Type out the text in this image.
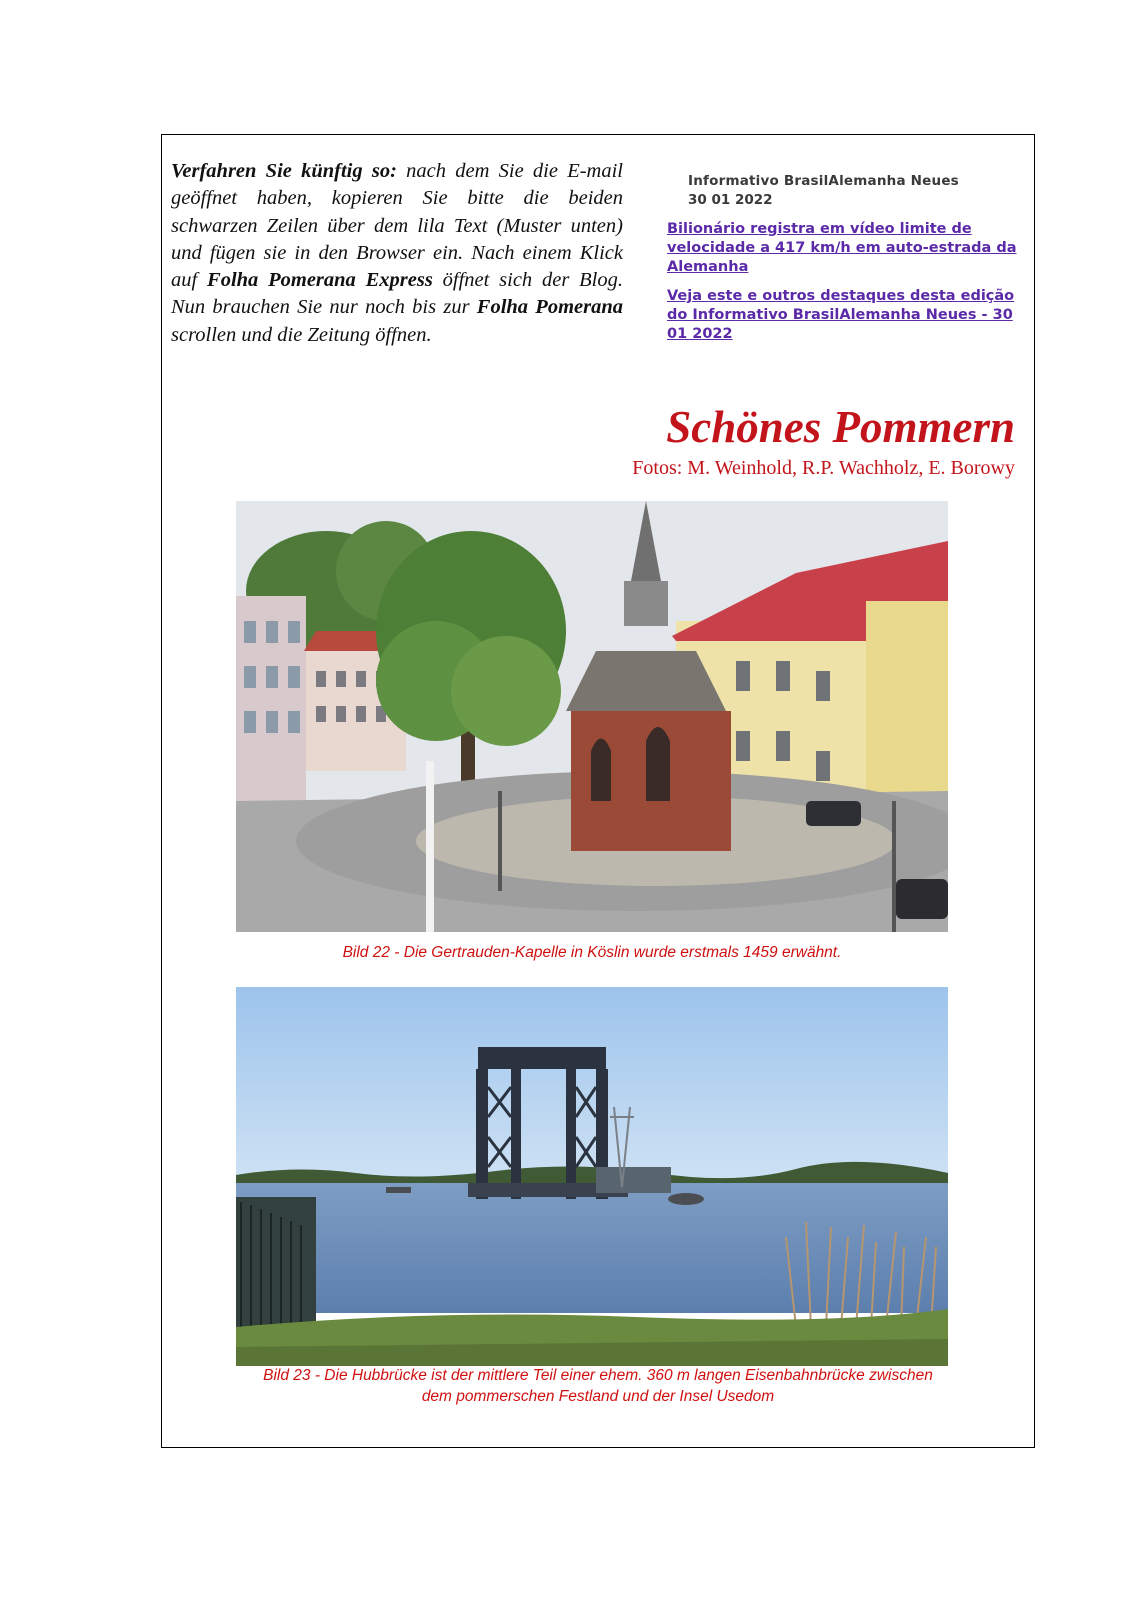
Verfahren Sie künftig so: nach dem Sie die E-mail geöffnet haben, kopieren Sie bitte die beiden schwarzen Zeilen über dem lila Text (Muster unten) und fügen sie in den Browser ein. Nach einem Klick auf Folha Pomerana Express öffnet sich der Blog. Nun brauchen Sie nur noch bis zur Folha Pomerana scrollen und die Zeitung öffnen.
Informativo BrasilAlemanha Neues
30 01 2022
Bilionário registra em vídeo limite de velocidade a 417 km/h em auto-estrada da Alemanha
Veja este e outros destaques desta edição do Informativo BrasilAlemanha Neues - 30 01 2022
Schönes Pommern
Fotos: M. Weinhold, R.P. Wachholz, E. Borowy
Bild 22 - Die Gertrauden-Kapelle in Köslin wurde erstmals 1459 erwähnt.
Bild 23 - Die Hubbrücke ist der mittlere Teil einer ehem. 360 m langen Eisenbahnbrücke zwischen
dem pommerschen Festland und der Insel Usedom
